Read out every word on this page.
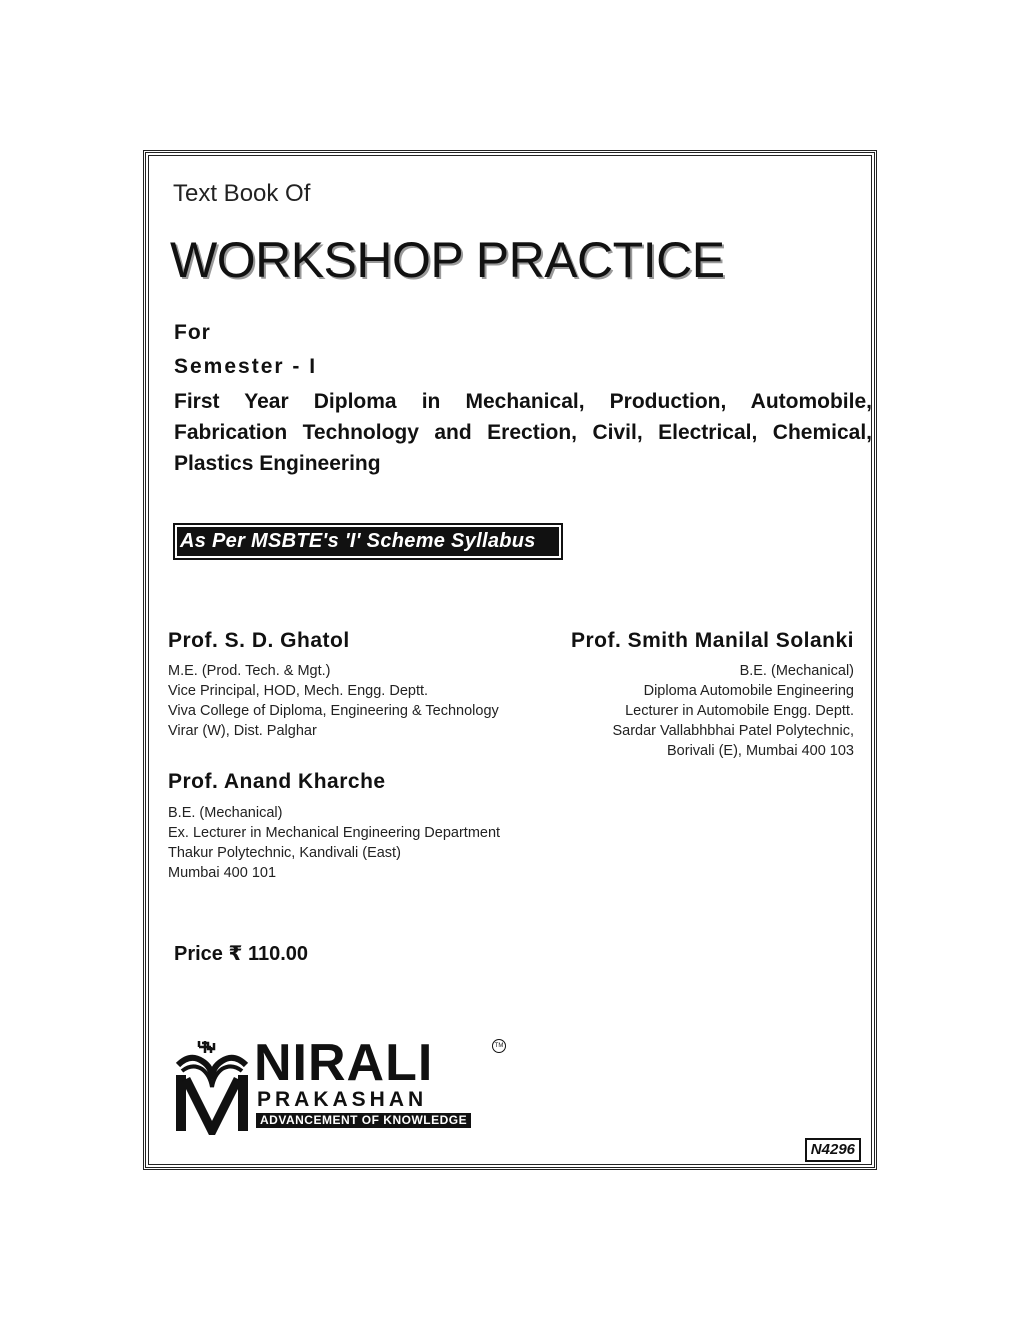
Text Book Of
WORKSHOP PRACTICE
For
Semester - I
First Year Diploma in Mechanical, Production, Automobile, Fabrication Technology and Erection, Civil, Electrical, Chemical, Plastics Engineering
As Per MSBTE's 'I' Scheme Syllabus
Prof. S. D. Ghatol
M.E. (Prod. Tech. & Mgt.)
Vice Principal, HOD, Mech. Engg. Deptt.
Viva College of Diploma, Engineering & Technology
Virar (W), Dist. Palghar
Prof. Smith Manilal Solanki
B.E. (Mechanical)
Diploma Automobile Engineering
Lecturer in Automobile Engg. Deptt.
Sardar Vallabhbhai Patel Polytechnic,
Borivali (E), Mumbai 400 103
Prof. Anand Kharche
B.E. (Mechanical)
Ex. Lecturer in Mechanical Engineering Department
Thakur Polytechnic, Kandivali (East)
Mumbai 400 101
Price ₹ 110.00
NIRALI	TM
PRAKASHAN
ADVANCEMENT OF KNOWLEDGE
N4296
